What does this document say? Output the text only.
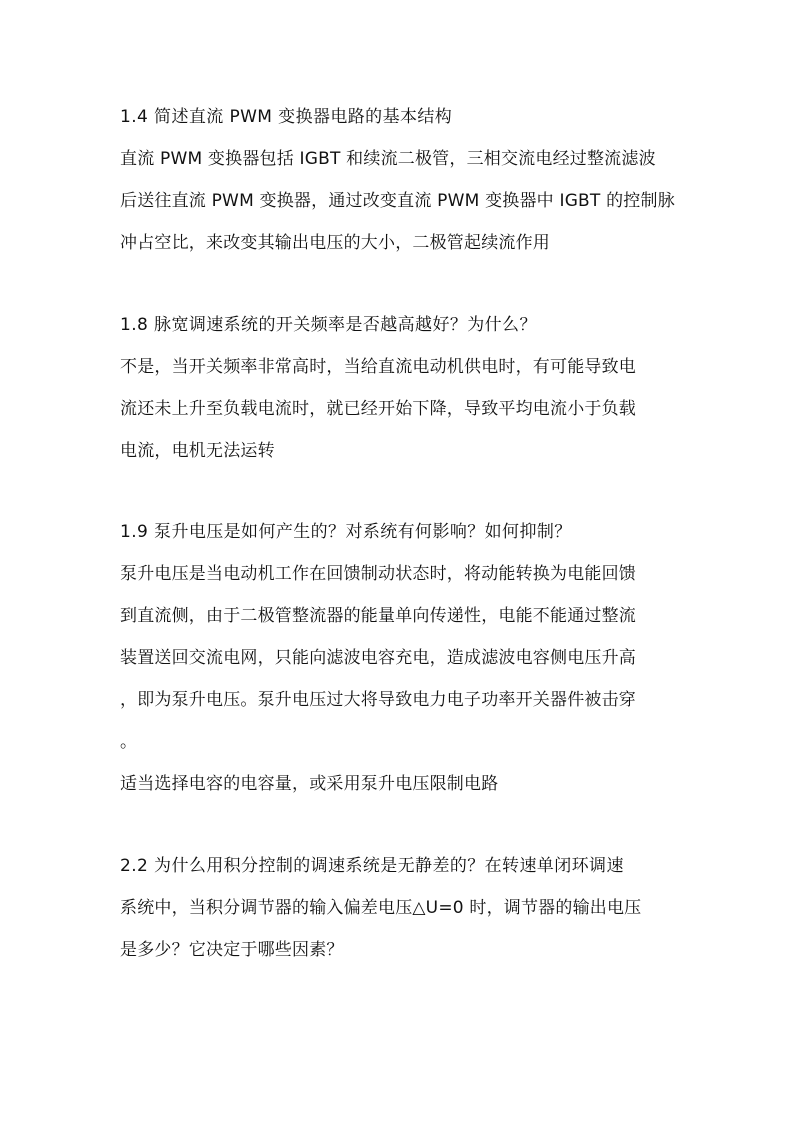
1.4 简述直流 PWM 变换器电路的基本结构
直流 PWM 变换器包括 IGBT 和续流二极管，三相交流电经过整流滤波
后送往直流 PWM 变换器，通过改变直流 PWM 变换器中 IGBT 的控制脉
冲占空比，来改变其输出电压的大小，二极管起续流作用
1.8 脉宽调速系统的开关频率是否越高越好？为什么？
不是，当开关频率非常高时，当给直流电动机供电时，有可能导致电
流还未上升至负载电流时，就已经开始下降，导致平均电流小于负载
电流，电机无法运转
1.9 泵升电压是如何产生的？对系统有何影响？如何抑制？
泵升电压是当电动机工作在回馈制动状态时，将动能转换为电能回馈
到直流侧，由于二极管整流器的能量单向传递性，电能不能通过整流
装置送回交流电网，只能向滤波电容充电，造成滤波电容侧电压升高
，即为泵升电压。泵升电压过大将导致电力电子功率开关器件被击穿
。
适当选择电容的电容量，或采用泵升电压限制电路
2.2 为什么用积分控制的调速系统是无静差的？在转速单闭环调速
系统中，当积分调节器的输入偏差电压△U=0 时，调节器的输出电压
是多少？它决定于哪些因素？
